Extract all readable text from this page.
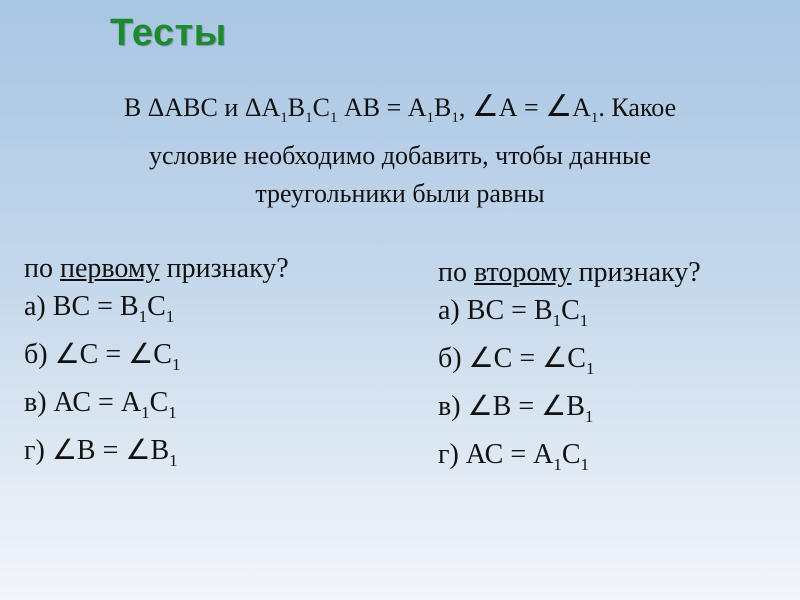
Тесты
В ΔАВС и $\Delta А_1В_1С_1$ АВ = $А_1В_1$, ∠А = $\angle А_1$. Какое
условие необходимо добавить, чтобы данные
треугольники были равны
по первому признаку?
а) ВС = $В_1С_1$
б) ∠С = $\angle С_1$
в) АС = $А_1С_1$
г) ∠В = $\angle В_1$
по второму признаку?
а) ВС = $В_1С_1$
б) ∠С = $\angle С_1$
в) ∠В = $\angle В_1$
г) АС = $А_1С_1$
